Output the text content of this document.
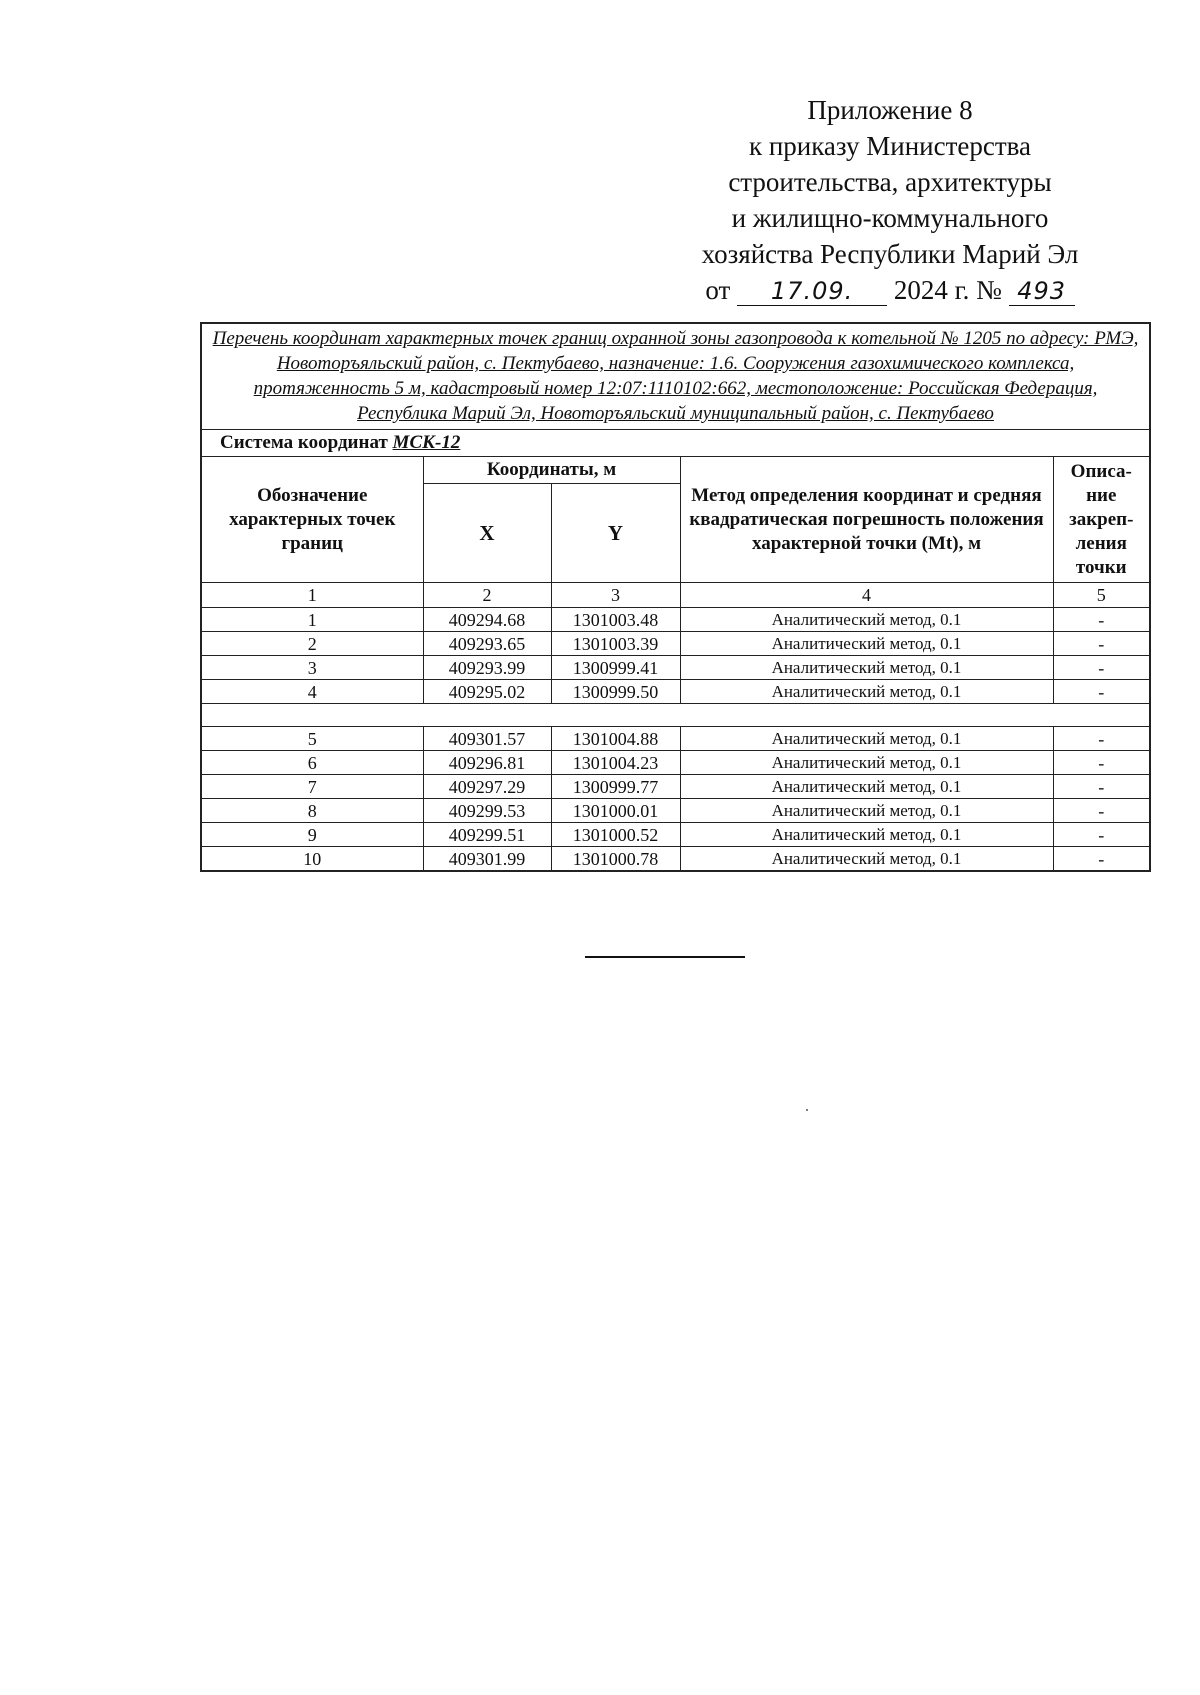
Приложение 8
к приказу Министерства
строительства, архитектуры
и жилищно-коммунального
хозяйства Республики Марий Эл
от 17.09. 2024 г. № 493
Перечень координат характерных точек границ охранной зоны газопровода к котельной № 1205 по адресу: РМЭ, Новоторъяльский район, с. Пектубаево, назначение: 1.6. Сооружения газохимического комплекса, протяженность 5 м, кадастровый номер 12:07:1110102:662, местоположение: Российская Федерация, Республика Марий Эл, Новоторъяльский муниципальный район, с. Пектубаево				
Система координат МСК-12				
Обозначение характерных точек границ	Координаты, м		Метод определения координат и средняя квадратическая погрешность положения характерной точки (Mt), м	Описа-ние закреп-ления точки
	X	Y		
1	2	3	4	5
1	409294.68	1301003.48	Аналитический метод, 0.1	-
2	409293.65	1301003.39	Аналитический метод, 0.1	-
3	409293.99	1300999.41	Аналитический метод, 0.1	-
4	409295.02	1300999.50	Аналитический метод, 0.1	-

5	409301.57	1301004.88	Аналитический метод, 0.1	-
6	409296.81	1301004.23	Аналитический метод, 0.1	-
7	409297.29	1300999.77	Аналитический метод, 0.1	-
8	409299.53	1301000.01	Аналитический метод, 0.1	-
9	409299.51	1301000.52	Аналитический метод, 0.1	-
10	409301.99	1301000.78	Аналитический метод, 0.1	-
